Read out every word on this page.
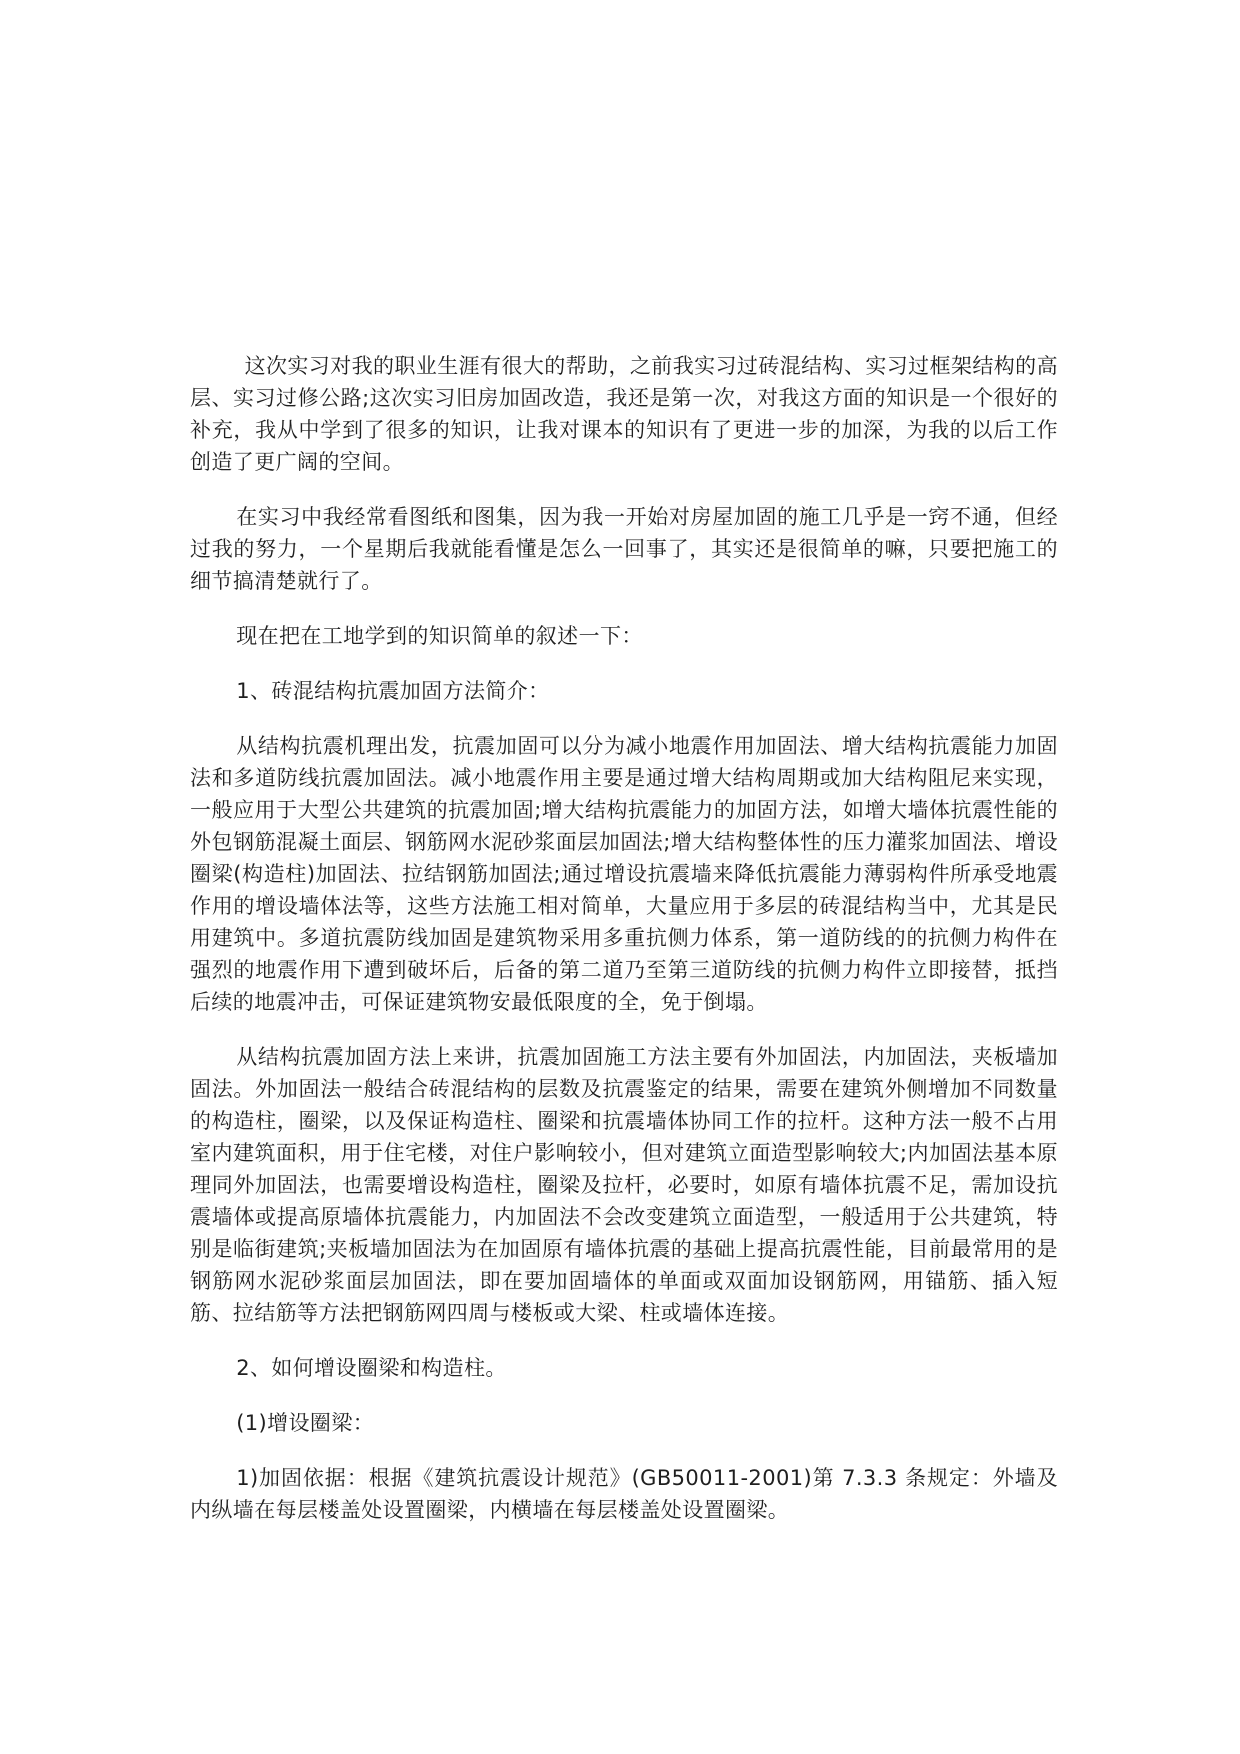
这次实习对我的职业生涯有很大的帮助，之前我实习过砖混结构、实习过框架结构的高层、实习过修公路;这次实习旧房加固改造，我还是第一次，对我这方面的知识是一个很好的补充，我从中学到了很多的知识，让我对课本的知识有了更进一步的加深，为我的以后工作创造了更广阔的空间。

在实习中我经常看图纸和图集，因为我一开始对房屋加固的施工几乎是一窍不通，但经过我的努力，一个星期后我就能看懂是怎么一回事了，其实还是很简单的嘛，只要把施工的细节搞清楚就行了。

现在把在工地学到的知识简单的叙述一下：

1、砖混结构抗震加固方法简介：

从结构抗震机理出发，抗震加固可以分为减小地震作用加固法、增大结构抗震能力加固法和多道防线抗震加固法。减小地震作用主要是通过增大结构周期或加大结构阻尼来实现，一般应用于大型公共建筑的抗震加固;增大结构抗震能力的加固方法，如增大墙体抗震性能的外包钢筋混凝土面层、钢筋网水泥砂浆面层加固法;增大结构整体性的压力灌浆加固法、增设圈梁(构造柱)加固法、拉结钢筋加固法;通过增设抗震墙来降低抗震能力薄弱构件所承受地震作用的增设墙体法等，这些方法施工相对简单，大量应用于多层的砖混结构当中，尤其是民用建筑中。多道抗震防线加固是建筑物采用多重抗侧力体系，第一道防线的的抗侧力构件在强烈的地震作用下遭到破坏后，后备的第二道乃至第三道防线的抗侧力构件立即接替，抵挡后续的地震冲击，可保证建筑物安最低限度的全，免于倒塌。

从结构抗震加固方法上来讲，抗震加固施工方法主要有外加固法，内加固法，夹板墙加固法。外加固法一般结合砖混结构的层数及抗震鉴定的结果，需要在建筑外侧增加不同数量的构造柱，圈梁，以及保证构造柱、圈梁和抗震墙体协同工作的拉杆。这种方法一般不占用室内建筑面积，用于住宅楼，对住户影响较小，但对建筑立面造型影响较大;内加固法基本原理同外加固法，也需要增设构造柱，圈梁及拉杆，必要时，如原有墙体抗震不足，需加设抗震墙体或提高原墙体抗震能力，内加固法不会改变建筑立面造型，一般适用于公共建筑，特别是临街建筑;夹板墙加固法为在加固原有墙体抗震的基础上提高抗震性能，目前最常用的是钢筋网水泥砂浆面层加固法，即在要加固墙体的单面或双面加设钢筋网，用锚筋、插入短筋、拉结筋等方法把钢筋网四周与楼板或大梁、柱或墙体连接。

2、如何增设圈梁和构造柱。

(1)增设圈梁：

1)加固依据：根据《建筑抗震设计规范》(GB50011-2001)第 7.3.3 条规定：外墙及内纵墙在每层楼盖处设置圈梁，内横墙在每层楼盖处设置圈梁。
